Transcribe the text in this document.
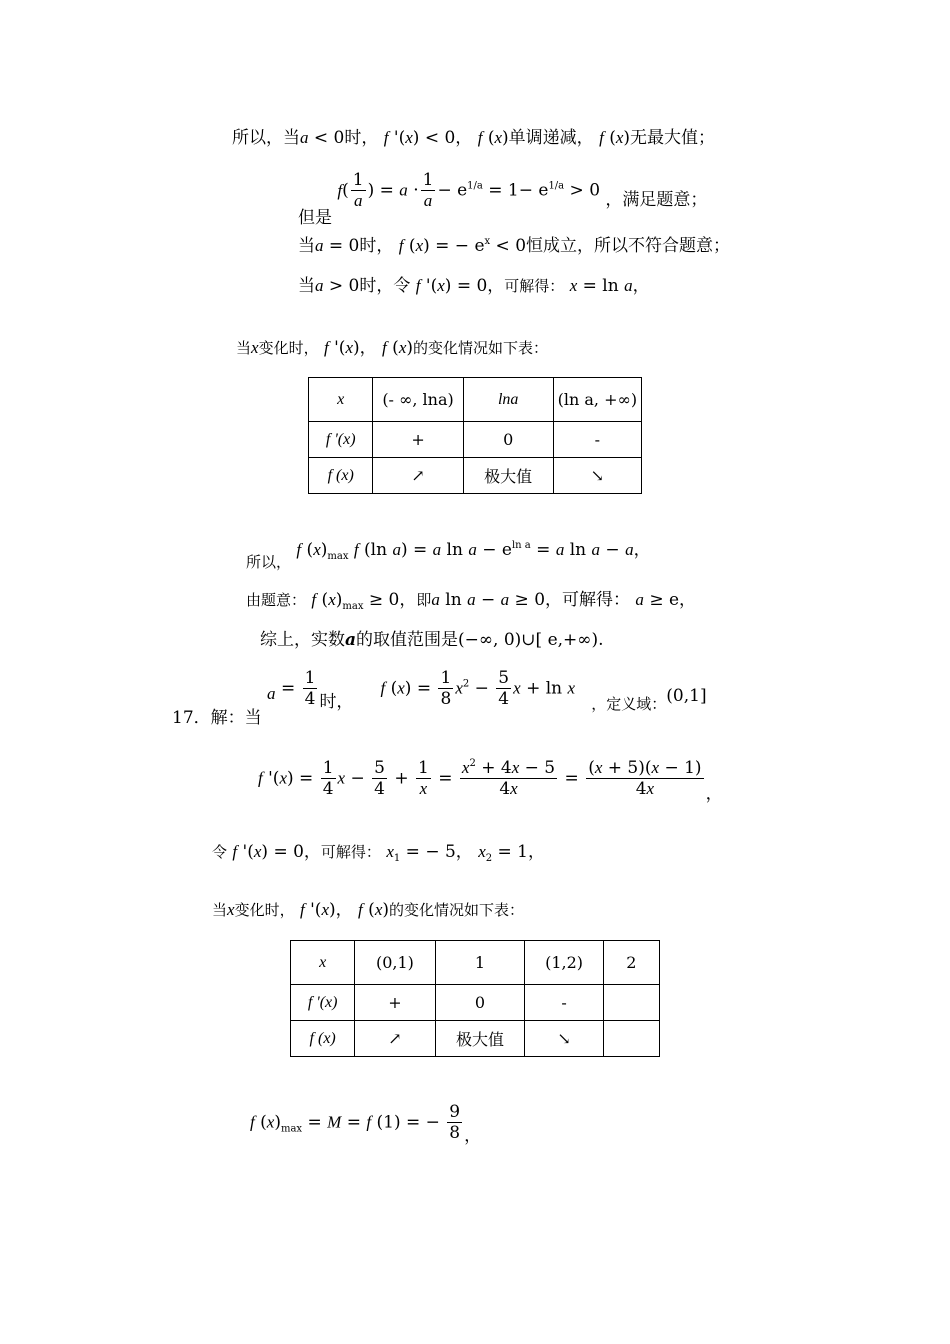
所以，当a < 0时， f '(x) < 0， f (x)单调递减， f (x)无最大值；
但是 $f( \frac{1}{a}$ ) = $a \cdot \frac{1}{a} - e^{1/a} = 1- e^{1/a} > 0$ ，满足题意；
当a = 0时， f (x) = − $e^x < 0$恒成立，所以不符合题意；
当a > 0时，令 f '(x) = 0，可解得： x = ln a，
当x变化时， f '(x)， f (x)的变化情况如下表：
x	(- ∞, lna)	lna	(ln a, +∞)
f '(x)	+	0	-
f (x)	↗	极大值	↘
所以， f $(x)_{max}$ f (ln a) = a $\ln a - e^{ln a} = a$ ln a − a，
由题意： f $(x)_{max} \ge 0$，即a ln a − a ≥ 0，可解得： a ≥ e，
综上，实数a的取值范围是(−∞, 0)∪[ e,+∞).
17．解：当 $a = \frac{1}{4}$ 时，     f $(x) = \frac{1}{8} x^2 - \frac{5}{4}$ x + ln x   ，定义域：(0,1]
f '$(x) = \frac{1}{4}$ $x - \frac{5}{4} + \frac{1}{x} = \frac{x^2 + 4x - 5}{4x} = \frac{(x + 5)(x - 1)}{4x}$ ，
令 f '(x) = 0，可解得： $x_1$ = − 5， $x_2 = 1$，
当x变化时， f '(x)， f (x)的变化情况如下表：
x	(0,1)	1	(1,2)	2
f '(x)	+	0	-	
f (x)	↗	极大值	↘	
f $(x)_{max} = M = f$ (1) = − $\frac{9}{8}$ ，
